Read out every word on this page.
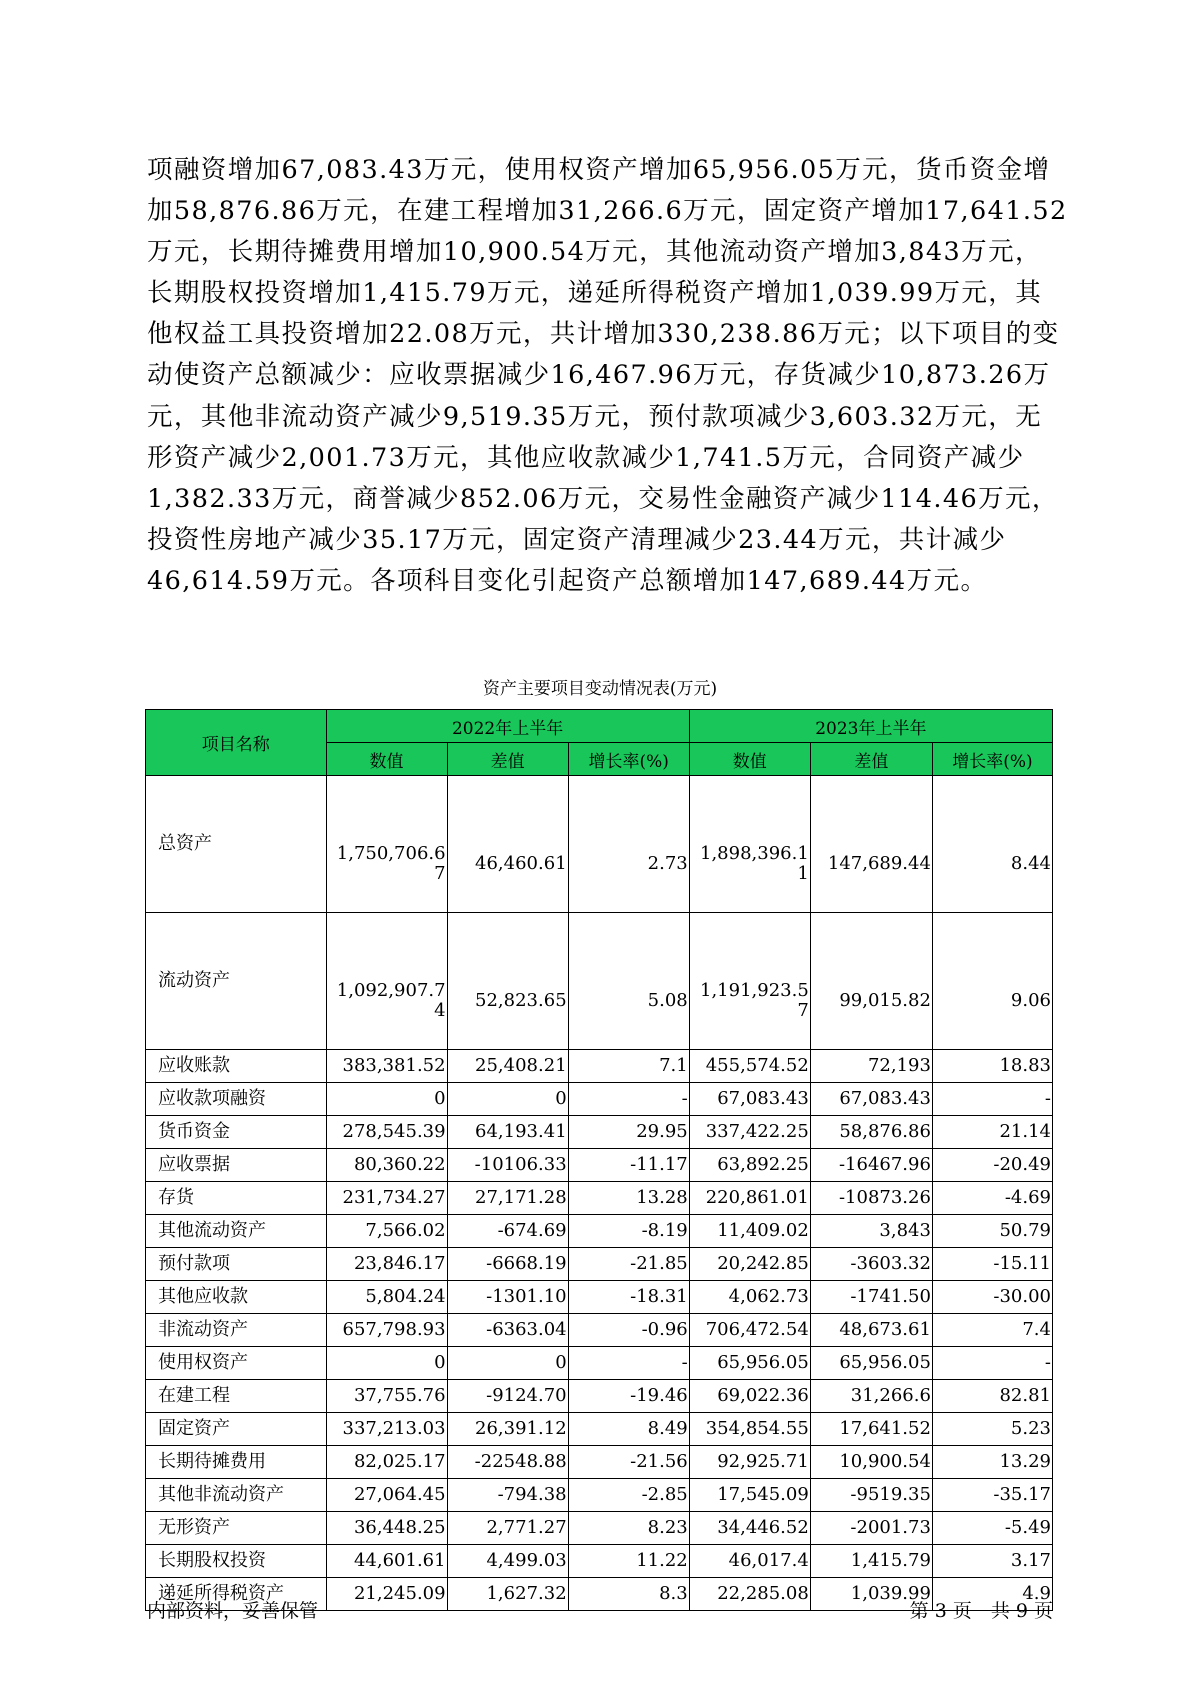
项融资增加67,083.43万元，使用权资产增加65,956.05万元，货币资金增
加58,876.86万元，在建工程增加31,266.6万元，固定资产增加17,641.52
万元，长期待摊费用增加10,900.54万元，其他流动资产增加3,843万元，
长期股权投资增加1,415.79万元，递延所得税资产增加1,039.99万元，其
他权益工具投资增加22.08万元，共计增加330,238.86万元；以下项目的变
动使资产总额减少：应收票据减少16,467.96万元，存货减少10,873.26万
元，其他非流动资产减少9,519.35万元，预付款项减少3,603.32万元，无
形资产减少2,001.73万元，其他应收款减少1,741.5万元，合同资产减少
1,382.33万元，商誉减少852.06万元，交易性金融资产减少114.46万元，
投资性房地产减少35.17万元，固定资产清理减少23.44万元，共计减少
46,614.59万元。各项科目变化引起资产总额增加147,689.44万元。
资产主要项目变动情况表(万元)
项目名称	2022年上半年			2023年上半年		
	数值	差值	增长率(%)	数值	差值	增长率(%)
总资产	1,750,706.67	46,460.61	2.73	1,898,396.11	147,689.44	8.44
流动资产	1,092,907.74	52,823.65	5.08	1,191,923.57	99,015.82	9.06
应收账款	383,381.52	25,408.21	7.1	455,574.52	72,193	18.83
应收款项融资	0	0	-	67,083.43	67,083.43	-
货币资金	278,545.39	64,193.41	29.95	337,422.25	58,876.86	21.14
应收票据	80,360.22	-10106.33	-11.17	63,892.25	-16467.96	-20.49
存货	231,734.27	27,171.28	13.28	220,861.01	-10873.26	-4.69
其他流动资产	7,566.02	-674.69	-8.19	11,409.02	3,843	50.79
预付款项	23,846.17	-6668.19	-21.85	20,242.85	-3603.32	-15.11
其他应收款	5,804.24	-1301.10	-18.31	4,062.73	-1741.50	-30.00
非流动资产	657,798.93	-6363.04	-0.96	706,472.54	48,673.61	7.4
使用权资产	0	0	-	65,956.05	65,956.05	-
在建工程	37,755.76	-9124.70	-19.46	69,022.36	31,266.6	82.81
固定资产	337,213.03	26,391.12	8.49	354,854.55	17,641.52	5.23
长期待摊费用	82,025.17	-22548.88	-21.56	92,925.71	10,900.54	13.29
其他非流动资产	27,064.45	-794.38	-2.85	17,545.09	-9519.35	-35.17
无形资产	36,448.25	2,771.27	8.23	34,446.52	-2001.73	-5.49
长期股权投资	44,601.61	4,499.03	11.22	46,017.4	1,415.79	3.17
递延所得税资产	21,245.09	1,627.32	8.3	22,285.08	1,039.99	4.9
内部资料，妥善保管	第 3 页　共 9 页
